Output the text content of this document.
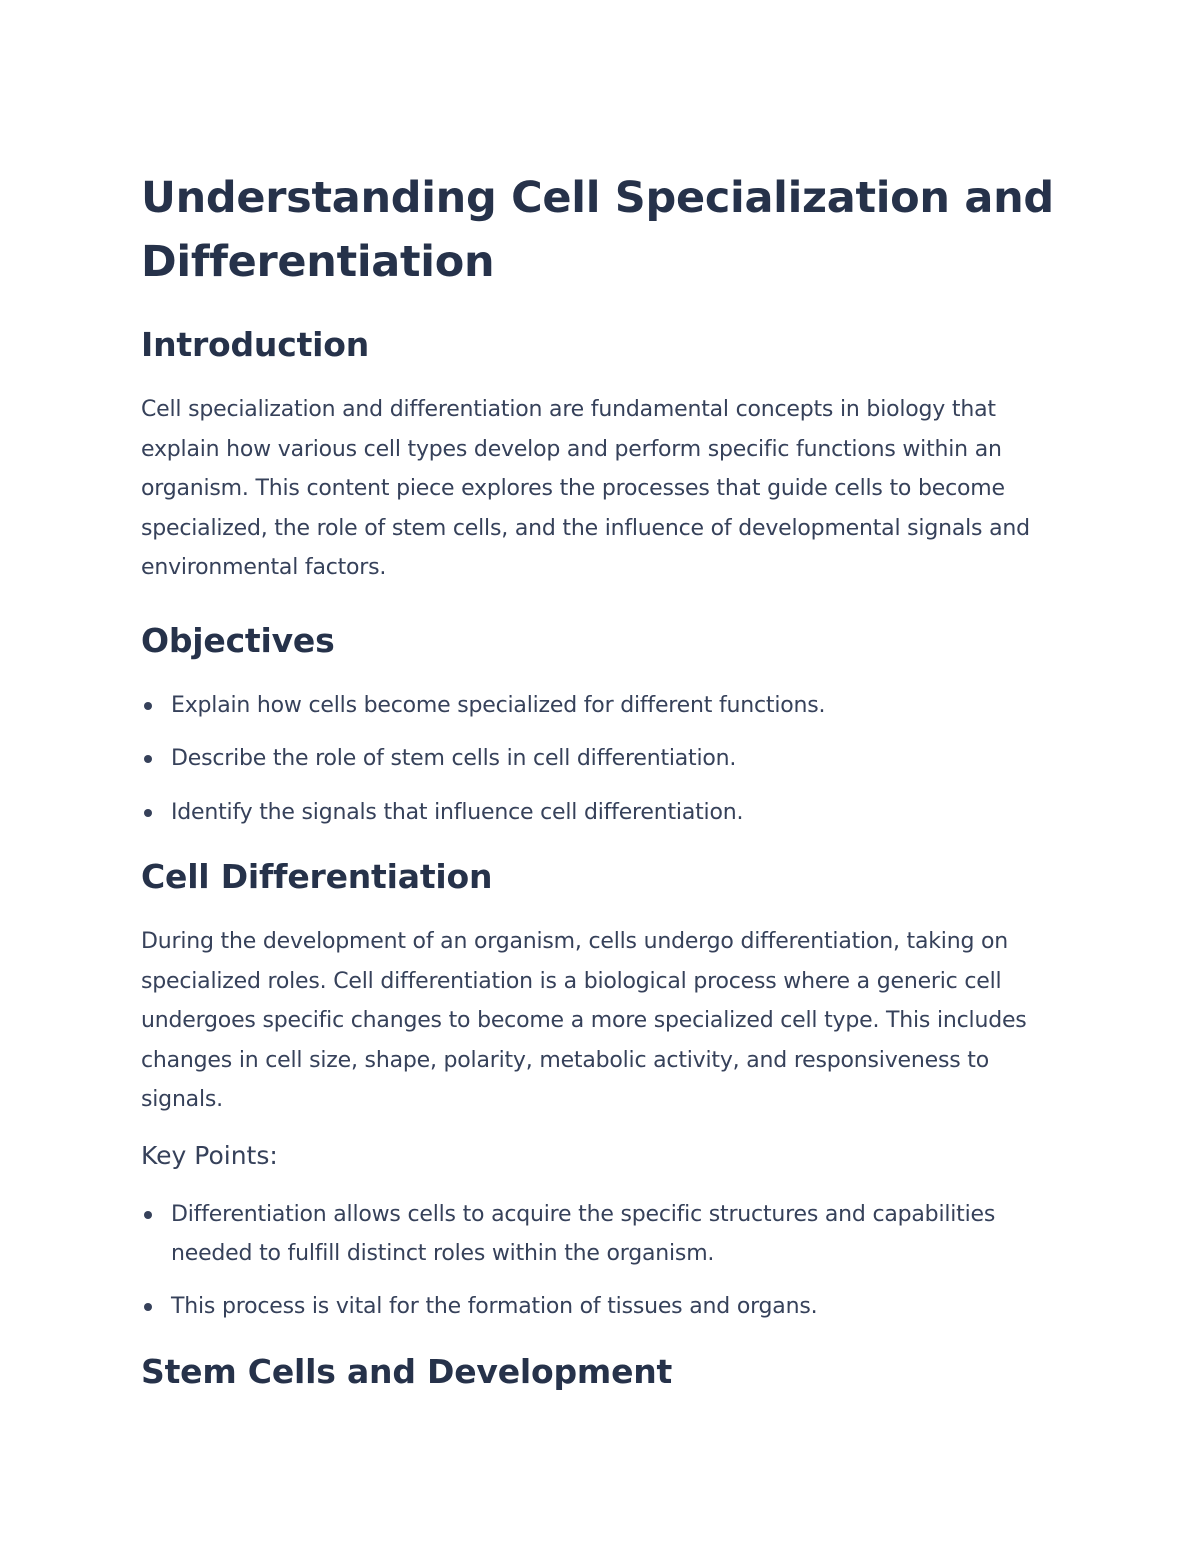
Understanding Cell Specialization and Differentiation
Introduction

Cell specialization and differentiation are fundamental concepts in biology that explain how various cell types develop and perform specific functions within an organism. This content piece explores the processes that guide cells to become specialized, the role of stem cells, and the influence of developmental signals and environmental factors.

Objectives
Explain how cells become specialized for different functions.
Describe the role of stem cells in cell differentiation.
Identify the signals that influence cell differentiation.
Cell Differentiation

During the development of an organism, cells undergo differentiation, taking on specialized roles. Cell differentiation is a biological process where a generic cell undergoes specific changes to become a more specialized cell type. This includes changes in cell size, shape, polarity, metabolic activity, and responsiveness to signals.

Key Points:
Differentiation allows cells to acquire the specific structures and capabilities needed to fulfill distinct roles within the organism.
This process is vital for the formation of tissues and organs.
Stem Cells and Development
